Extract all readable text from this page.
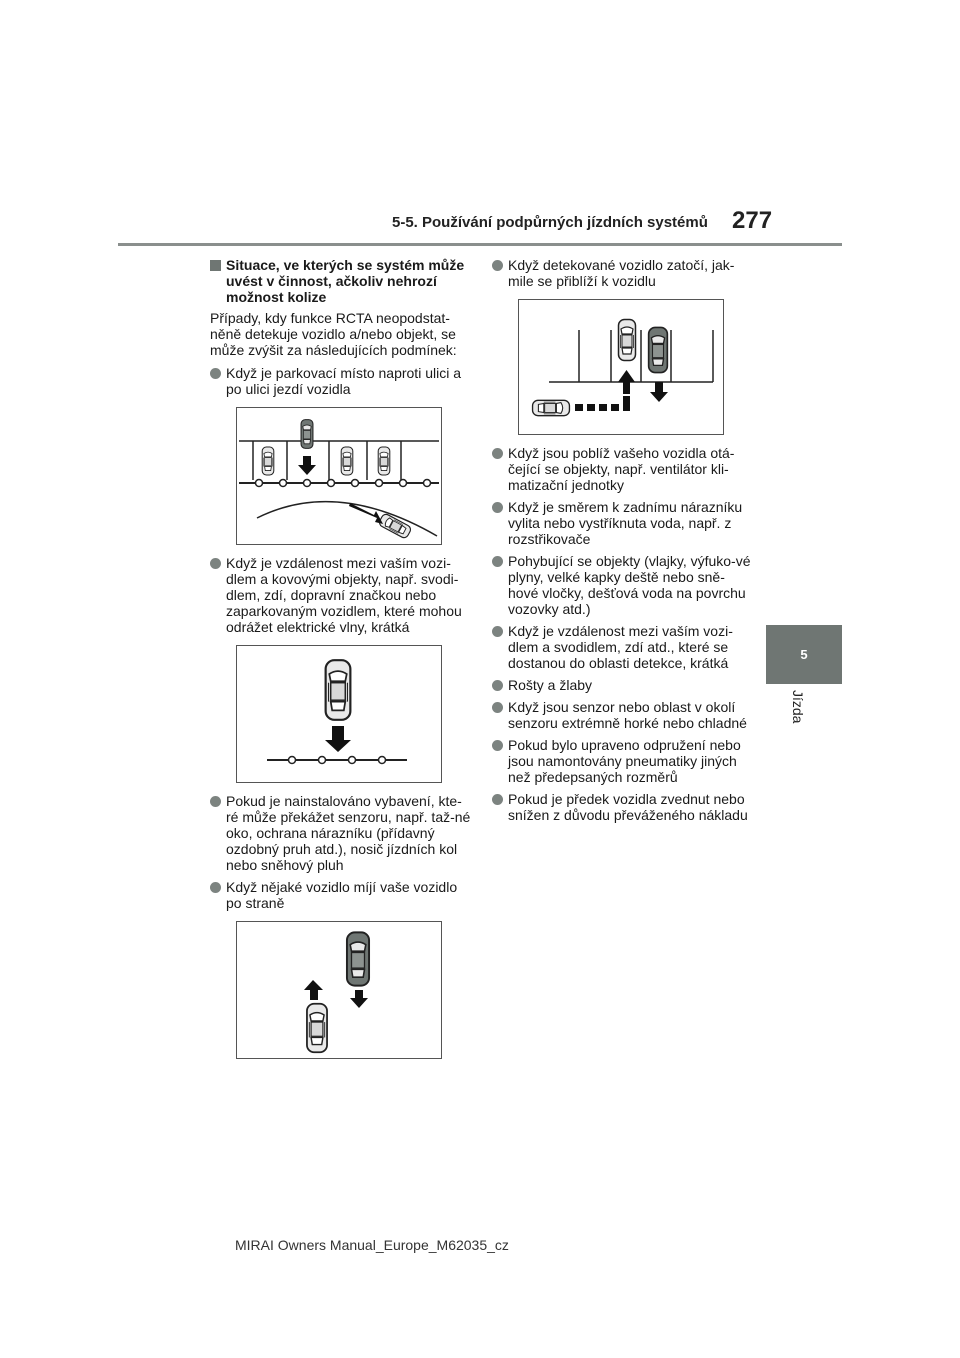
5-5. Používání podpůrných jízdních systémů 277
5
Jízda
Situace, ve kterých se systém může uvést v činnost, ačkoliv nehrozí možnost kolize
Případy, kdy funkce RCTA neopodstat-něně detekuje vozidlo a/nebo objekt, se může zvýšit za následujících podmínek:
Když je parkovací místo naproti ulici a po ulici jezdí vozidla
Když je vzdálenost mezi vaším vozi-dlem a kovovými objekty, např. svodi-dlem, zdí, dopravní značkou nebo zaparkovaným vozidlem, které mohou odrážet elektrické vlny, krátká
Pokud je nainstalováno vybavení, kte-ré může překážet senzoru, např. taž-né oko, ochrana nárazníku (přídavný ozdobný pruh atd.), nosič jízdních kol nebo sněhový pluh
Když nějaké vozidlo míjí vaše vozidlo po straně
Když detekované vozidlo zatočí, jak-mile se přiblíží k vozidlu
Když jsou poblíž vašeho vozidla otá-čející se objekty, např. ventilátor kli-matizační jednotky
Když je směrem k zadnímu nárazníku vylita nebo vystříknuta voda, např. z rozstřikovače
Pohybující se objekty (vlajky, výfuko-vé plyny, velké kapky deště nebo sně-hové vločky, dešťová voda na povrchu vozovky atd.)
Když je vzdálenost mezi vaším vozi-dlem a svodidlem, zdí atd., které se dostanou do oblasti detekce, krátká
Rošty a žlaby
Když jsou senzor nebo oblast v okolí senzoru extrémně horké nebo chladné
Pokud bylo upraveno odpružení nebo jsou namontovány pneumatiky jiných než předepsaných rozměrů
Pokud je předek vozidla zvednut nebo snížen z důvodu převáženého nákladu
MIRAI Owners Manual_Europe_M62035_cz
